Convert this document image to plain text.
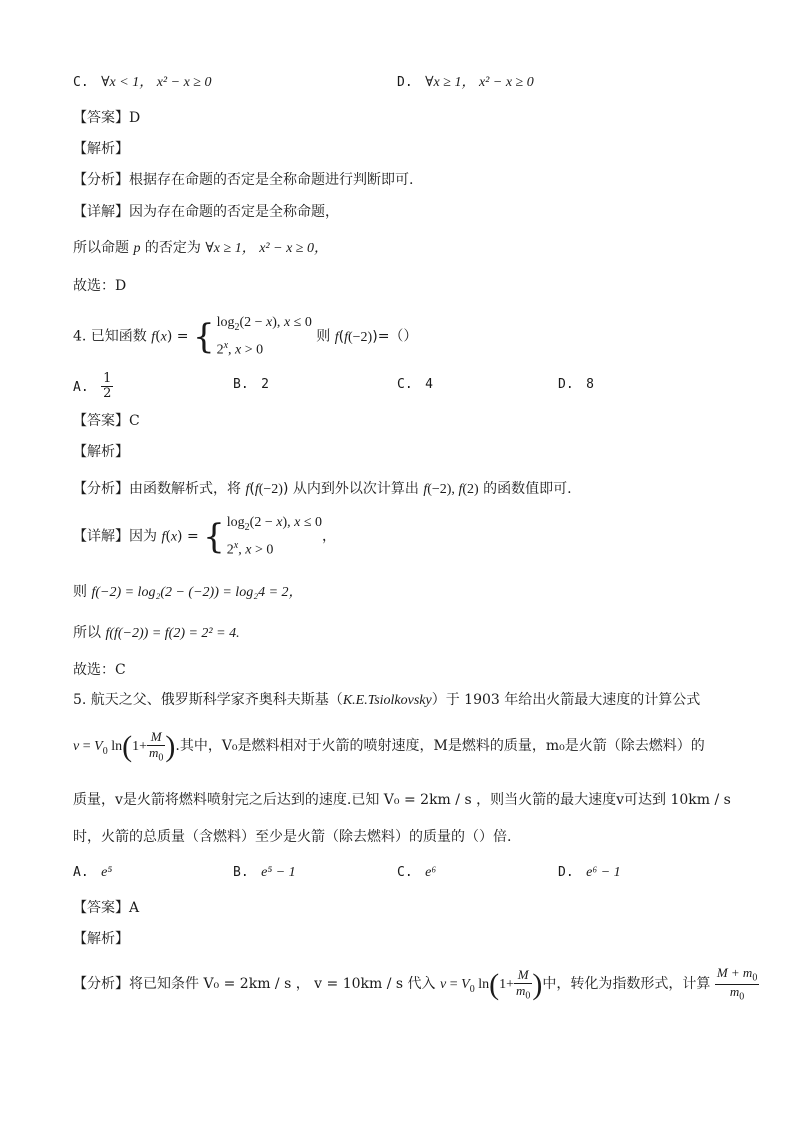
C. ∀x < 1， x² − x ≥ 0	D. ∀x ≥ 1， x² − x ≥ 0
【答案】D
【解析】
【分析】根据存在命题的否定是全称命题进行判断即可.
【详解】因为存在命题的否定是全称命题，
所以命题 p 的否定为 ∀x ≥ 1， x² − x ≥ 0，
故选：D
4. 已知函数 f(x) = { $\log_2(2 - x)$, x ≤ 0
2$^x$, x > 0 则 f(f(−2))=（）
A. $\frac{1}{2}$	B. 2	C. 4	D. 8
【答案】C
【解析】
【分析】由函数解析式，将 f(f(−2)) 从内到外以次计算出 f(−2), f(2) 的函数值即可.
【详解】因为 f(x) = { $\log_2(2 - x)$, x ≤ 0
2$^x$, x > 0，
则 f(−2) = log₂(2 − (−2)) = log₂4 = 2，
所以 f(f(−2)) = f(2) = 2² = 4.
故选：C
5. 航天之父、俄罗斯科学家齐奥科夫斯基（K.E.Tsiolkovsky）于 1903 年给出火箭最大速度的计算公式
$v = V_0$ $\ln(1+ \frac{M}{m_0}$ ).其中，V₀是燃料相对于火箭的喷射速度，M是燃料的质量，m₀是火箭（除去燃料）的
质量，v是火箭将燃料喷射完之后达到的速度.已知 V₀ = 2km / s ，则当火箭的最大速度v可达到 10km / s
时，火箭的总质量（含燃料）至少是火箭（除去燃料）的质量的（）倍.
A. e⁵	B. e⁵ − 1	C. e⁶	D. e⁶ − 1
【答案】A
【解析】
【分析】将已知条件 V₀ = 2km / s ， v = 10km / s 代入 $v = V_0$ $\ln(1+ \frac{M}{m_0}$ )中，转化为指数形式，计算 $\frac{M + m_0}{m_0}$
